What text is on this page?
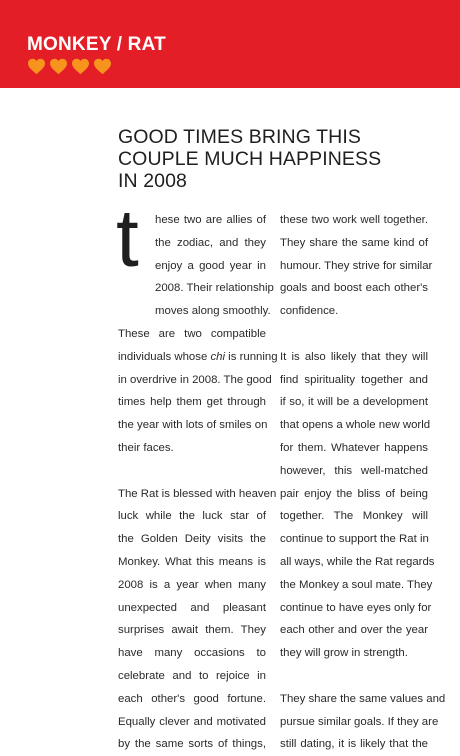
MONKEY / RAT
GOOD TIMES BRING THIS
COUPLE MUCH HAPPINESS
IN 2008
t	hese two are allies of
the zodiac, and they
enjoy a good year in
2008. Their relationship
moves along smoothly.
These are two compatible
individuals whose chi is running
in overdrive in 2008. The good
times help them get through
the year with lots of smiles on
their faces.
The Rat is blessed with heaven
luck while the luck star of
the Golden Deity visits the
Monkey. What this means is
2008 is a year when many
unexpected and pleasant
surprises await them. They
have many occasions to
celebrate and to rejoice in
each other's good fortune.
Equally clever and motivated
by the same sorts of things,
these two work well together.
They share the same kind of
humour. They strive for similar
goals and boost each other's
confidence.
It is also likely that they will
find spirituality together and
if so, it will be a development
that opens a whole new world
for them. Whatever happens
however, this well-matched
pair enjoy the bliss of being
together. The Monkey will
continue to support the Rat in
all ways, while the Rat regards
the Monkey a soul mate. They
continue to have eyes only for
each other and over the year
they will grow in strength.
They share the same values and
pursue similar goals. If they are
still dating, it is likely that the
